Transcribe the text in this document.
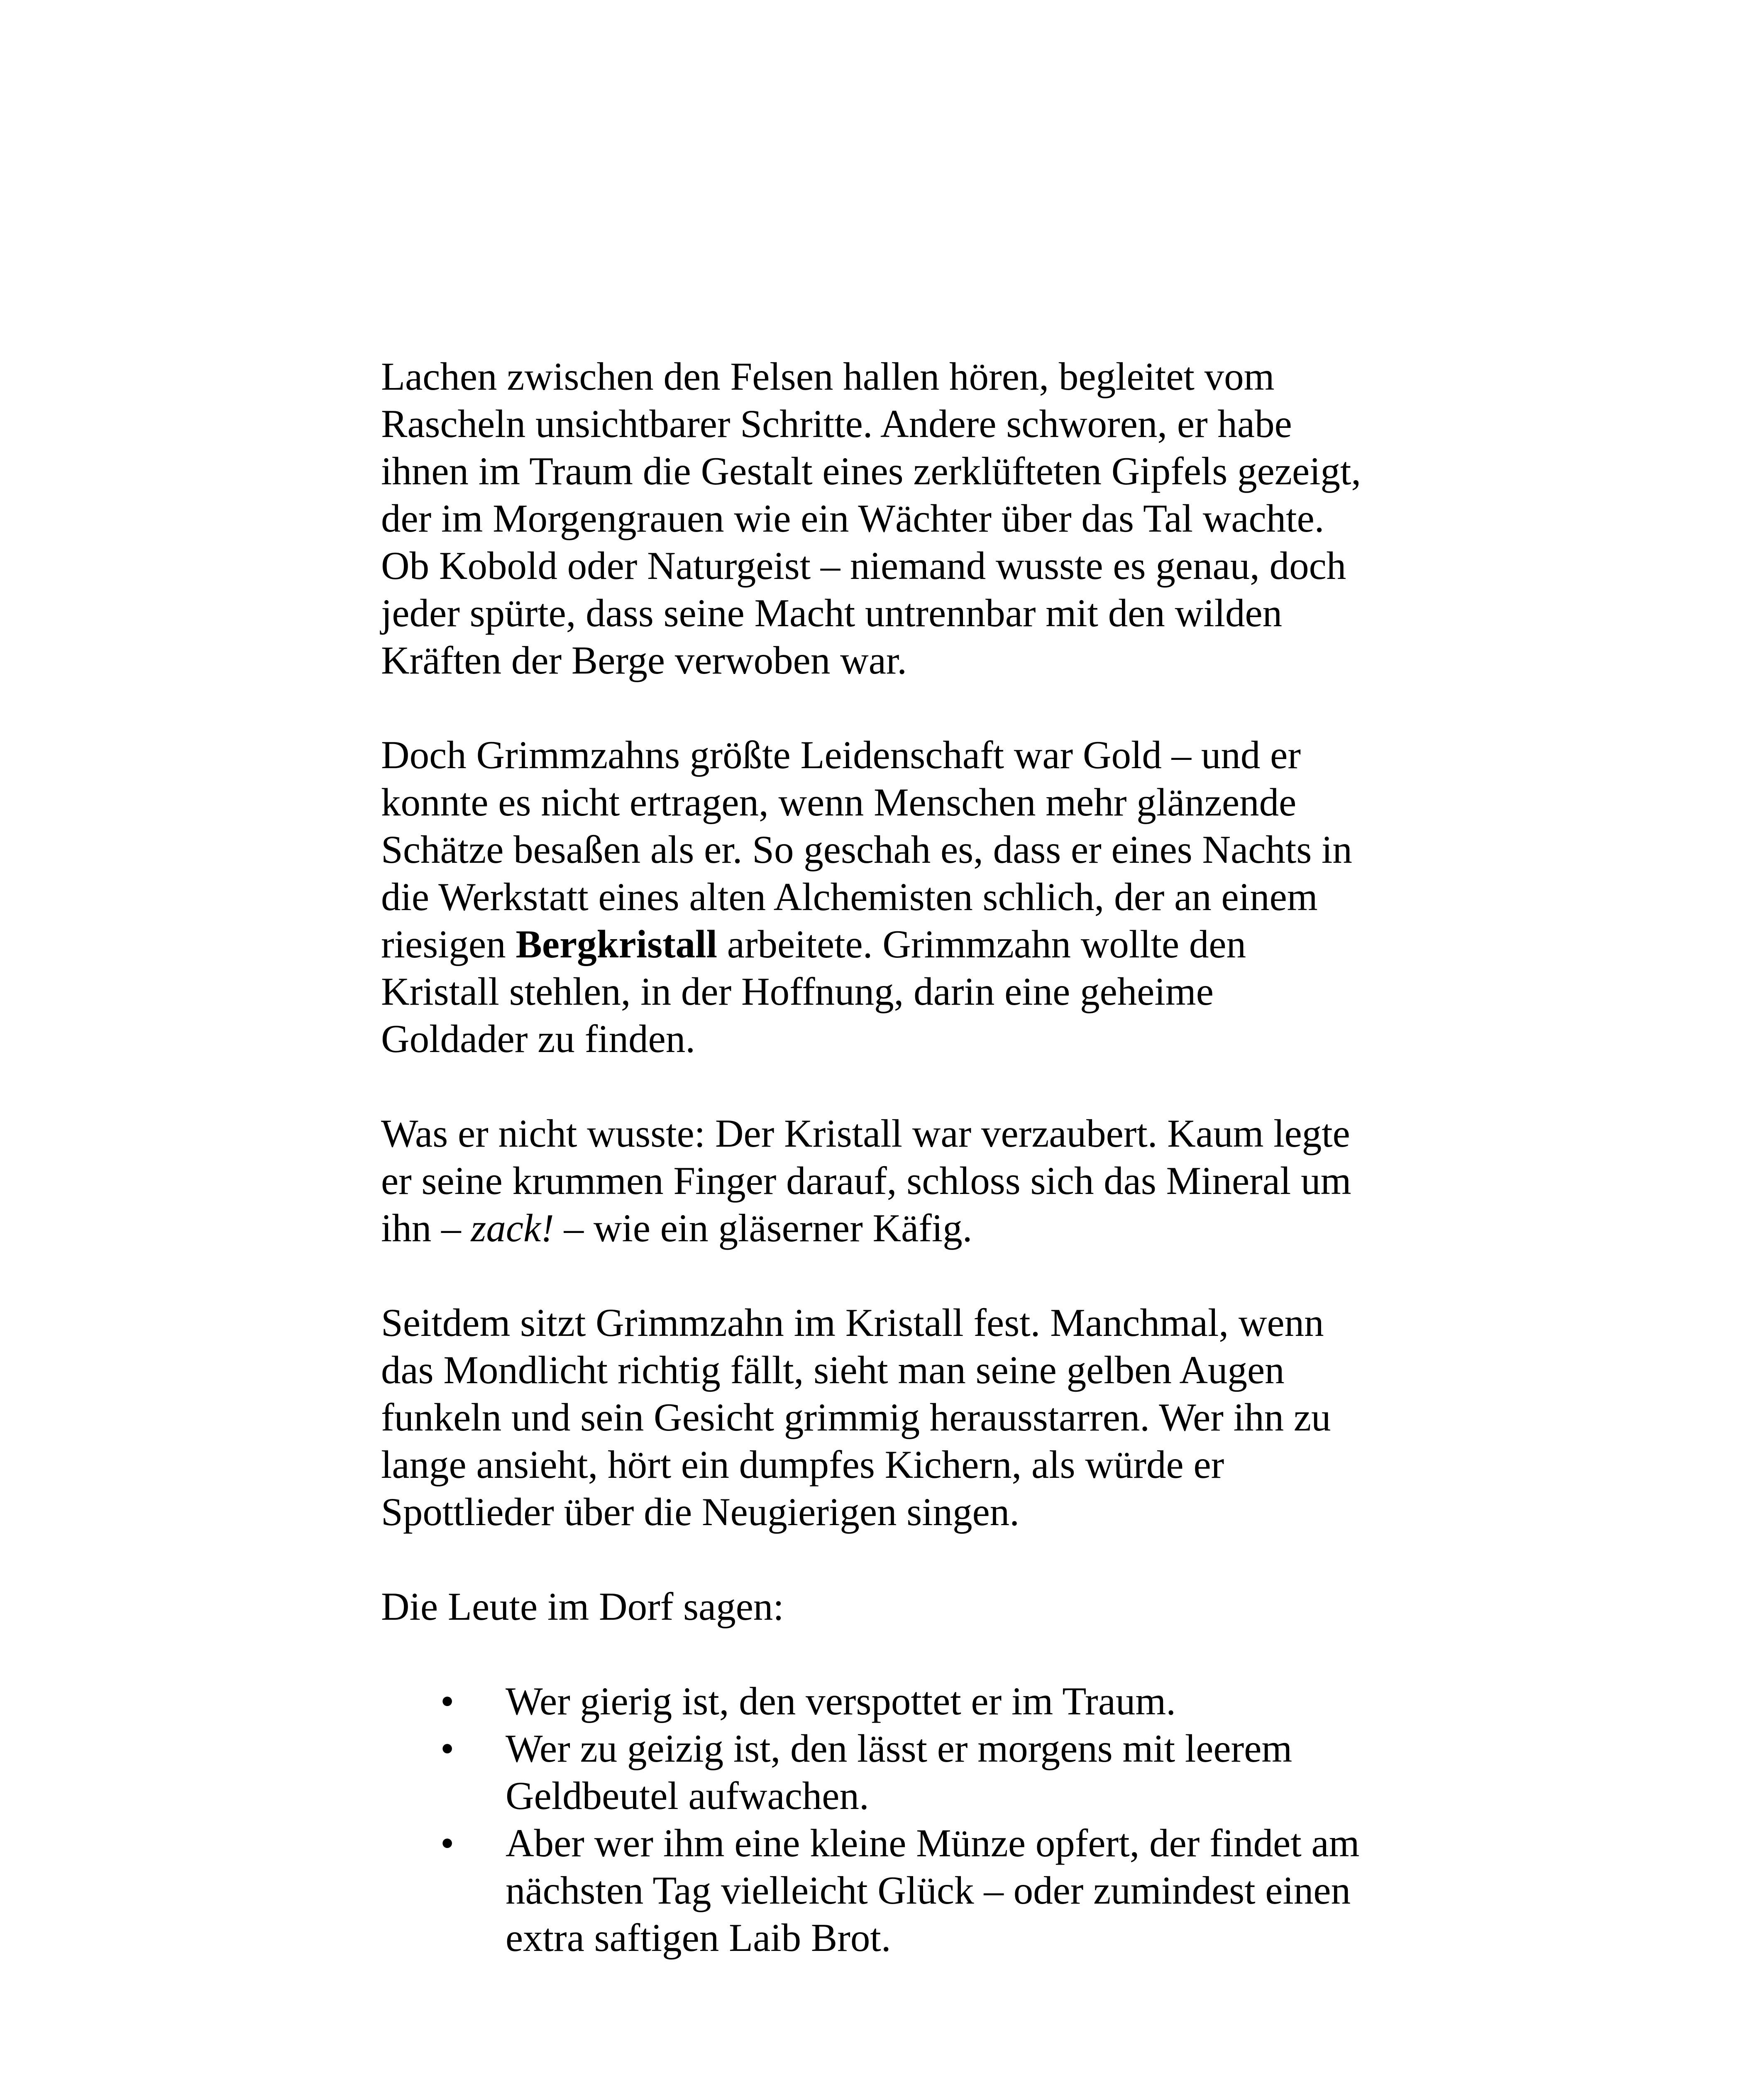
Lachen zwischen den Felsen hallen hören, begleitet vom
Rascheln unsichtbarer Schritte. Andere schworen, er habe
ihnen im Traum die Gestalt eines zerklüfteten Gipfels gezeigt,
der im Morgengrauen wie ein Wächter über das Tal wachte.
Ob Kobold oder Naturgeist – niemand wusste es genau, doch
jeder spürte, dass seine Macht untrennbar mit den wilden
Kräften der Berge verwoben war.

Doch Grimmzahns größte Leidenschaft war Gold – und er
konnte es nicht ertragen, wenn Menschen mehr glänzende
Schätze besaßen als er. So geschah es, dass er eines Nachts in
die Werkstatt eines alten Alchemisten schlich, der an einem
riesigen Bergkristall arbeitete. Grimmzahn wollte den
Kristall stehlen, in der Hoffnung, darin eine geheime
Goldader zu finden.

Was er nicht wusste: Der Kristall war verzaubert. Kaum legte
er seine krummen Finger darauf, schloss sich das Mineral um
ihn – zack! – wie ein gläserner Käfig.

Seitdem sitzt Grimmzahn im Kristall fest. Manchmal, wenn
das Mondlicht richtig fällt, sieht man seine gelben Augen
funkeln und sein Gesicht grimmig herausstarren. Wer ihn zu
lange ansieht, hört ein dumpfes Kichern, als würde er
Spottlieder über die Neugierigen singen.

Die Leute im Dorf sagen:

• Wer gierig ist, den verspottet er im Traum.
• Wer zu geizig ist, den lässt er morgens mit leerem
Geldbeutel aufwachen.
• Aber wer ihm eine kleine Münze opfert, der findet am
nächsten Tag vielleicht Glück – oder zumindest einen
extra saftigen Laib Brot.
